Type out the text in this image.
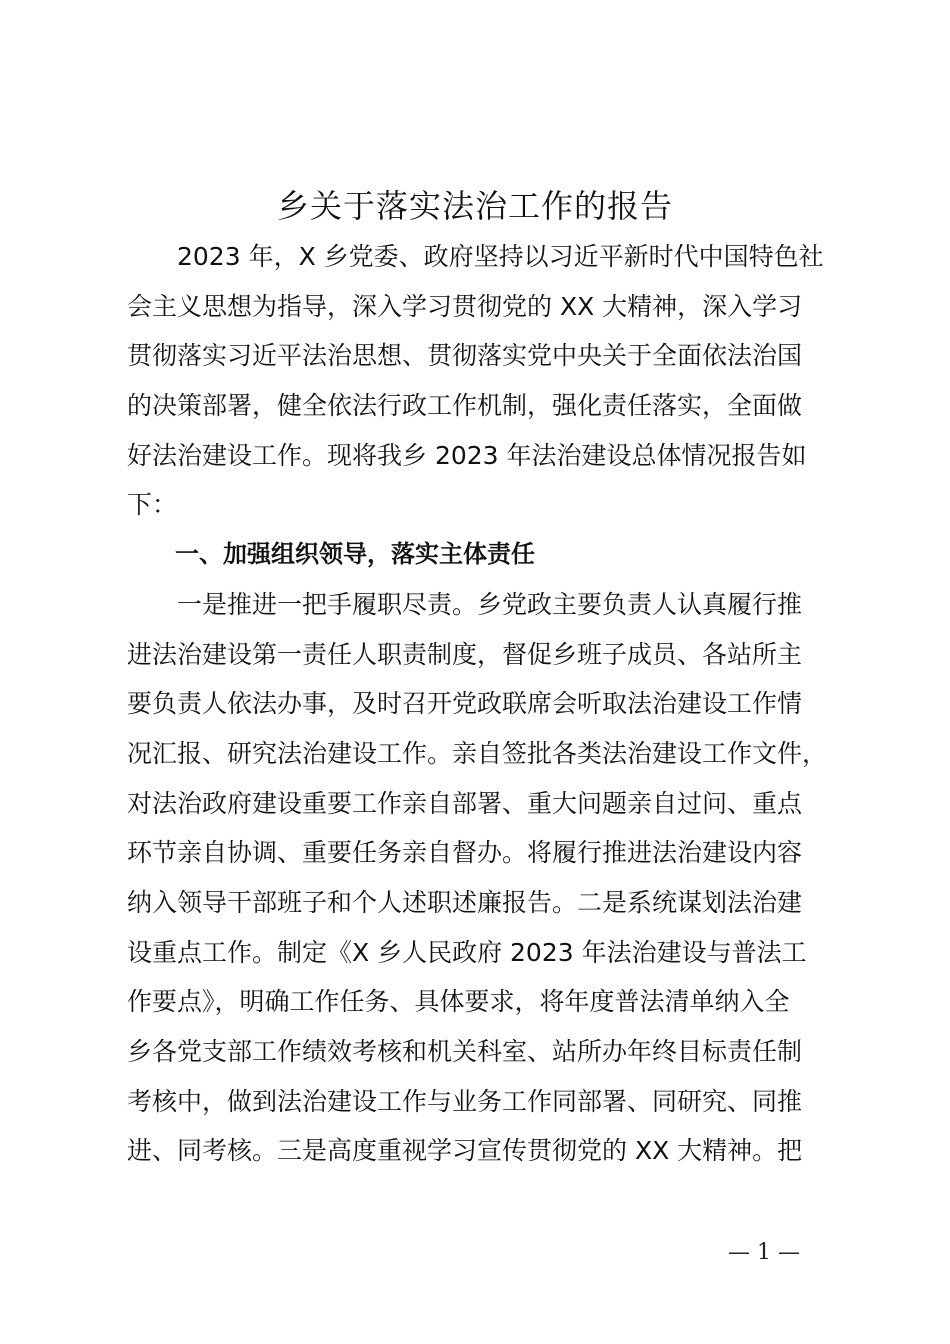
乡关于落实法治工作的报告
　　2023 年，X 乡党委、政府坚持以习近平新时代中国特色社
会主义思想为指导，深入学习贯彻党的 XX 大精神，深入学习
贯彻落实习近平法治思想、贯彻落实党中央关于全面依法治国
的决策部署，健全依法行政工作机制，强化责任落实，全面做
好法治建设工作。现将我乡 2023 年法治建设总体情况报告如
下：
　　一、加强组织领导，落实主体责任
　　一是推进一把手履职尽责。乡党政主要负责人认真履行推
进法治建设第一责任人职责制度，督促乡班子成员、各站所主
要负责人依法办事，及时召开党政联席会听取法治建设工作情
况汇报、研究法治建设工作。亲自签批各类法治建设工作文件，
对法治政府建设重要工作亲自部署、重大问题亲自过问、重点
环节亲自协调、重要任务亲自督办。将履行推进法治建设内容
纳入领导干部班子和个人述职述廉报告。二是系统谋划法治建
设重点工作。制定《X 乡人民政府 2023 年法治建设与普法工
作要点》，明确工作任务、具体要求，将年度普法清单纳入全
乡各党支部工作绩效考核和机关科室、站所办年终目标责任制
考核中，做到法治建设工作与业务工作同部署、同研究、同推
进、同考核。三是高度重视学习宣传贯彻党的 XX 大精神。把
— 1 —
